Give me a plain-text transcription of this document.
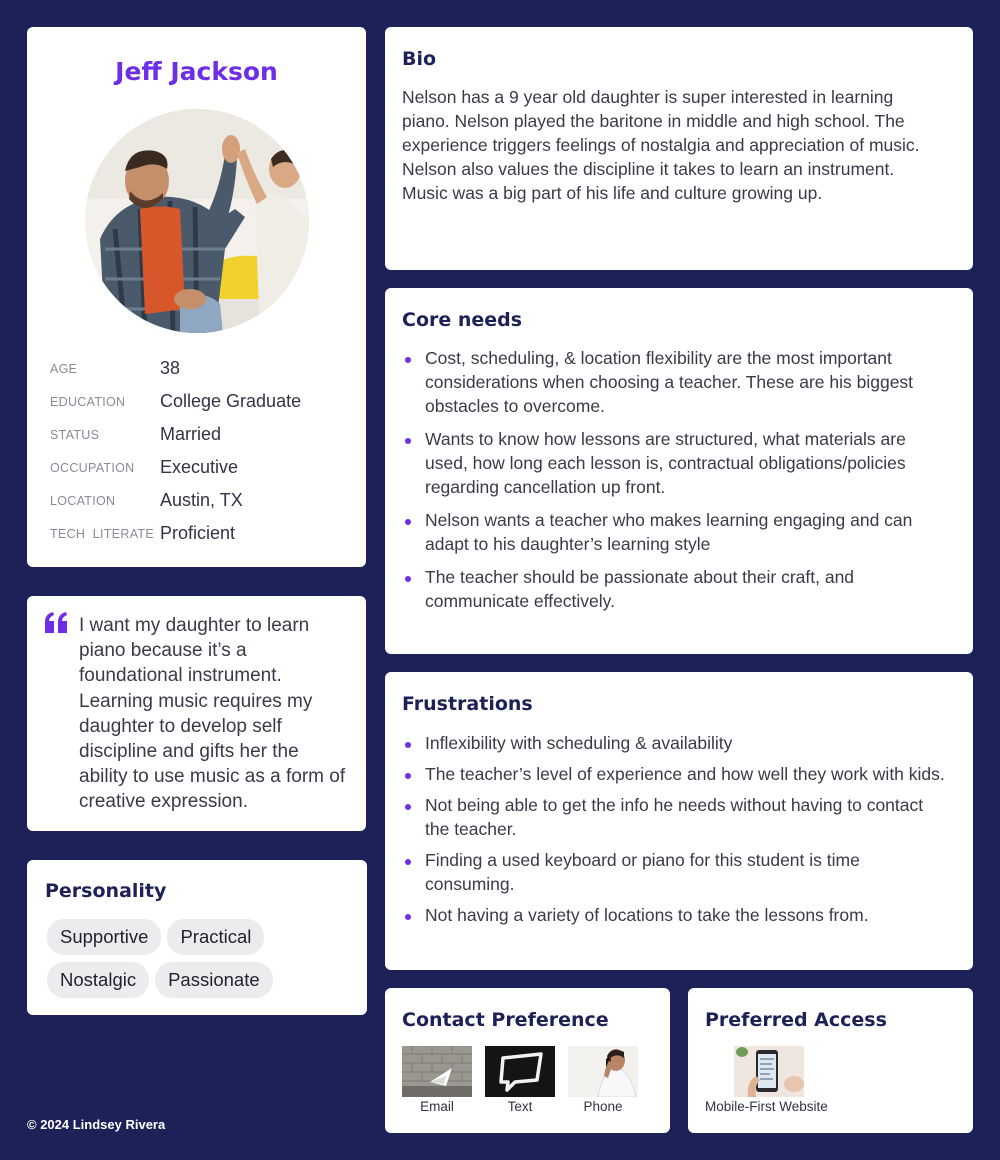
Jeff Jackson
AGE	38
EDUCATION	College Graduate
STATUS	Married
OCCUPATION	Executive
LOCATION	Austin, TX
TECH  LITERATE Proficient
I want my daughter to learn piano because it’s a foundational instrument. Learning music requires my daughter to develop self discipline and gifts her the ability to use music as a form of creative expression.
Personality
Supportive	Practical
Nostalgic	Passionate
© 2024 Lindsey Rivera
Bio

Nelson has a 9 year old daughter is super interested in learning piano. Nelson played the baritone in middle and high school. The experience triggers feelings of nostalgia and appreciation of music. Nelson also values the discipline it takes to learn an instrument. Music was a big part of his life and culture growing up.

Core needs
Cost, scheduling, & location flexibility are the most important considerations when choosing a teacher. These are his biggest obstacles to overcome.
Wants to know how lessons are structured, what materials are used, how long each lesson is, contractual obligations/policies regarding cancellation up front.
Nelson wants a teacher who makes learning engaging and can adapt to his daughter’s learning style
The teacher should be passionate about their craft, and communicate effectively.
Frustrations
Inflexibility with scheduling & availability
The teacher’s level of experience and how well they work with kids.
Not being able to get the info he needs without having to contact the teacher.
Finding a used keyboard or piano for this student is time consuming.
Not having a variety of locations to take the lessons from.
Contact Preference
Email	Text	Phone
Preferred Access
Mobile-First Website
